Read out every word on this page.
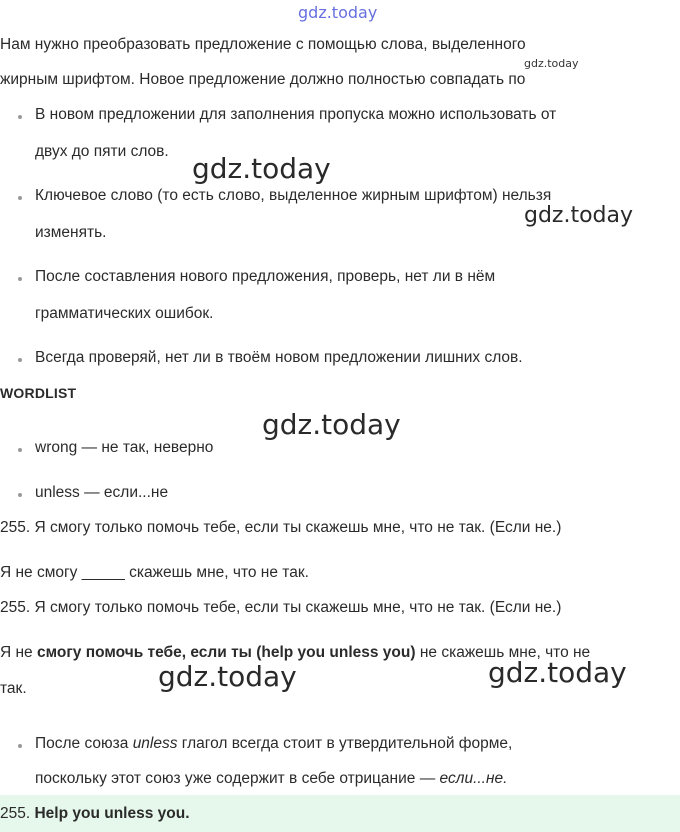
gdz.today
gdz.today
gdz.today
gdz.today
gdz.today
gdz.today	gdz.today
Нам нужно преобразовать предложение с помощью слова, выделенного
жирным шрифтом. Новое предложение должно полностью совпадать по
В новом предложении для заполнения пропуска можно использовать от
двух до пяти слов.
Ключевое слово (то есть слово, выделенное жирным шрифтом) нельзя
изменять.
После составления нового предложения, проверь, нет ли в нём
грамматических ошибок.
Всегда проверяй, нет ли в твоём новом предложении лишних слов.
WORDLIST
wrong — не так, неверно
unless — если...не
255. Я смогу только помочь тебе, если ты скажешь мне, что не так. (Если не.)
Я не смогу _____ скажешь мне, что не так.
255. Я смогу только помочь тебе, если ты скажешь мне, что не так. (Если не.)
Я не смогу помочь тебе, если ты (help you unless you) не скажешь мне, что не
так.
После союза unless глагол всегда стоит в утвердительной форме,
поскольку этот союз уже содержит в себе отрицание — если...не.
255. Help you unless you.
